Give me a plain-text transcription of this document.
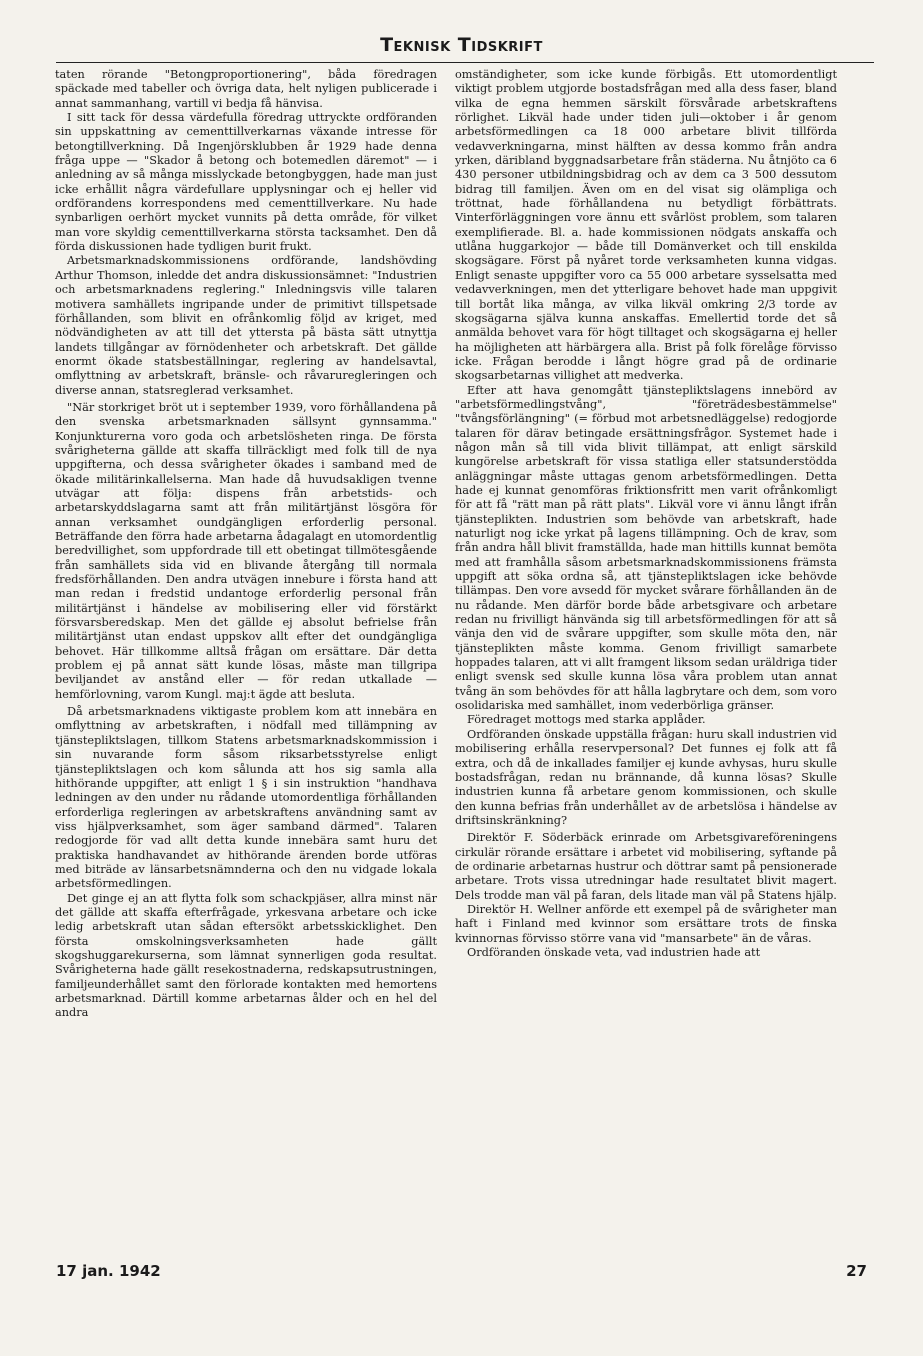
Teknisk Tidskrift

taten rörande "Betongproportionering", båda föredragen späckade med tabeller och övriga data, helt nyligen publicerade i annat sammanhang, vartill vi bedja få hänvisa.

I sitt tack för dessa värdefulla föredrag uttryckte ordföranden sin uppskattning av cementtillverkarnas växande intresse för betongtillverkning. Då Ingenjörsklubben år 1929 hade denna fråga uppe — "Skador å betong och botemedlen däremot" — i anledning av så många misslyckade betongbyggen, hade man just icke erhållit några värdefullare upplysningar och ej heller vid ordförandens korrespondens med cementtillverkare. Nu hade synbarligen oerhört mycket vunnits på detta område, för vilket man vore skyldig cementtillverkarna största tacksamhet. Den då förda diskussionen hade tydligen burit frukt.

Arbetsmarknadskommissionens ordförande, landshövding Arthur Thomson, inledde det andra diskussionsämnet: "Industrien och arbetsmarknadens reglering." Inledningsvis ville talaren motivera samhällets ingripande under de primitivt tillspetsade förhållanden, som blivit en ofrånkomlig följd av kriget, med nödvändigheten av att till det yttersta på bästa sätt utnyttja landets tillgångar av förnödenheter och arbetskraft. Det gällde enormt ökade statsbeställningar, reglering av handelsavtal, omflyttning av arbetskraft, bränsle- och råvaruregleringen och diverse annan, statsreglerad verksamhet.

"När storkriget bröt ut i september 1939, voro förhållandena på den svenska arbetsmarknaden sällsynt gynnsamma." Konjunkturerna voro goda och arbetslösheten ringa. De första svårigheterna gällde att skaffa tillräckligt med folk till de nya uppgifterna, och dessa svårigheter ökades i samband med de ökade militärinkallelserna. Man hade då huvudsakligen tvenne utvägar att följa: dispens från arbetstids- och arbetarskyddslagarna samt att från militärtjänst lösgöra för annan verksamhet oundgängligen erforderlig personal. Beträffande den förra hade arbetarna ådagalagt en utomordentlig beredvillighet, som uppfordrade till ett obetingat tillmötesgående från samhällets sida vid en blivande återgång till normala fredsförhållanden. Den andra utvägen innebure i första hand att man redan i fredstid undantoge erforderlig personal från militärtjänst i händelse av mobilisering eller vid förstärkt försvarsberedskap. Men det gällde ej absolut befrielse från militärtjänst utan endast uppskov allt efter det oundgängliga behovet. Här tillkomme alltså frågan om ersättare. Där detta problem ej på annat sätt kunde lösas, måste man tillgripa beviljandet av anstånd eller — för redan utkallade — hemförlovning, varom Kungl. maj:t ägde att besluta.

Då arbetsmarknadens viktigaste problem kom att innebära en omflyttning av arbetskraften, i nödfall med tillämpning av tjänstepliktslagen, tillkom Statens arbetsmarknadskommission i sin nuvarande form såsom riksarbetsstyrelse enligt tjänstepliktslagen och kom sålunda att hos sig samla alla hithörande uppgifter, att enligt 1 § i sin instruktion "handhava ledningen av den under nu rådande utomordentliga förhållanden erforderliga regleringen av arbetskraftens användning samt av viss hjälpverksamhet, som äger samband därmed". Talaren redogjorde för vad allt detta kunde innebära samt huru det praktiska handhavandet av hithörande ärenden borde utföras med biträde av länsarbetsnämnderna och den nu vidgade lokala arbetsförmedlingen.

Det ginge ej an att flytta folk som schackpjäser, allra minst när det gällde att skaffa efterfrågade, yrkesvana arbetare och icke ledig arbetskraft utan sådan eftersökt arbetsskicklighet. Den första omskolningsverksamheten hade gällt skogshuggarekurserna, som lämnat synnerligen goda resultat. Svårigheterna hade gällt resekostnaderna, redskapsutrustningen, familjeunderhållet samt den förlorade kontakten med hemortens arbetsmarknad. Därtill komme arbetarnas ålder och en hel del andra

omständigheter, som icke kunde förbigås. Ett utomordentligt viktigt problem utgjorde bostadsfrågan med alla dess faser, bland vilka de egna hemmen särskilt försvårade arbetskraftens rörlighet. Likväl hade under tiden juli—oktober i år genom arbetsförmedlingen ca 18 000 arbetare blivit tillförda vedavverkningarna, minst hälften av dessa kommo från andra yrken, däribland byggnadsarbetare från städerna. Nu åtnjöto ca 6 430 personer utbildningsbidrag och av dem ca 3 500 dessutom bidrag till familjen. Även om en del visat sig olämpliga och tröttnat, hade förhållandena nu betydligt förbättrats. Vinterförläggningen vore ännu ett svårlöst problem, som talaren exemplifierade. Bl. a. hade kommissionen nödgats anskaffa och utlåna huggarkojor — både till Domänverket och till enskilda skogsägare. Först på nyåret torde verksamheten kunna vidgas. Enligt senaste uppgifter voro ca 55 000 arbetare sysselsatta med vedavverkningen, men det ytterligare behovet hade man uppgivit till bortåt lika många, av vilka likväl omkring 2/3 torde av skogsägarna själva kunna anskaffas. Emellertid torde det så anmälda behovet vara för högt tilltaget och skogsägarna ej heller ha möjligheten att härbärgera alla. Brist på folk förelåge förvisso icke. Frågan berodde i långt högre grad på de ordinarie skogsarbetarnas villighet att medverka.

Efter att hava genomgått tjänstepliktslagens innebörd av "arbetsförmedlingstvång", "företrädesbestämmelse" "tvångsförlängning" (= förbud mot arbetsnedläggelse) redogjorde talaren för därav betingade ersättningsfrågor. Systemet hade i någon mån så till vida blivit tillämpat, att enligt särskild kungörelse arbetskraft för vissa statliga eller statsunderstödda anläggningar måste uttagas genom arbetsförmedlingen. Detta hade ej kunnat genomföras friktionsfritt men varit ofrånkomligt för att få "rätt man på rätt plats". Likväl vore vi ännu långt ifrån tjänsteplikten. Industrien som behövde van arbetskraft, hade naturligt nog icke yrkat på lagens tillämpning. Och de krav, som från andra håll blivit framställda, hade man hittills kunnat bemöta med att framhålla såsom arbetsmarknadskommissionens främsta uppgift att söka ordna så, att tjänstepliktslagen icke behövde tillämpas. Den vore avsedd för mycket svårare förhållanden än de nu rådande. Men därför borde både arbetsgivare och arbetare redan nu frivilligt hänvända sig till arbetsförmedlingen för att så vänja den vid de svårare uppgifter, som skulle möta den, när tjänsteplikten måste komma. Genom frivilligt samarbete hoppades talaren, att vi allt framgent liksom sedan uräldriga tider enligt svensk sed skulle kunna lösa våra problem utan annat tvång än som behövdes för att hålla lagbrytare och dem, som voro osolidariska med samhället, inom vederbörliga gränser.

Föredraget mottogs med starka applåder.

Ordföranden önskade uppställa frågan: huru skall industrien vid mobilisering erhålla reservpersonal? Det funnes ej folk att få extra, och då de inkallades familjer ej kunde avhysas, huru skulle bostadsfrågan, redan nu brännande, då kunna lösas? Skulle industrien kunna få arbetare genom kommissionen, och skulle den kunna befrias från underhållet av de arbetslösa i händelse av driftsinskränkning?

Direktör F. Söderbäck erinrade om Arbetsgivareföreningens cirkulär rörande ersättare i arbetet vid mobilisering, syftande på de ordinarie arbetarnas hustrur och döttrar samt på pensionerade arbetare. Trots vissa utredningar hade resultatet blivit magert. Dels trodde man väl på faran, dels litade man väl på Statens hjälp.

Direktör H. Wellner anförde ett exempel på de svårigheter man haft i Finland med kvinnor som ersättare trots de finska kvinnornas förvisso större vana vid "mansarbete" än de våras.

Ordföranden önskade veta, vad industrien hade att

17 jan. 1942	27
